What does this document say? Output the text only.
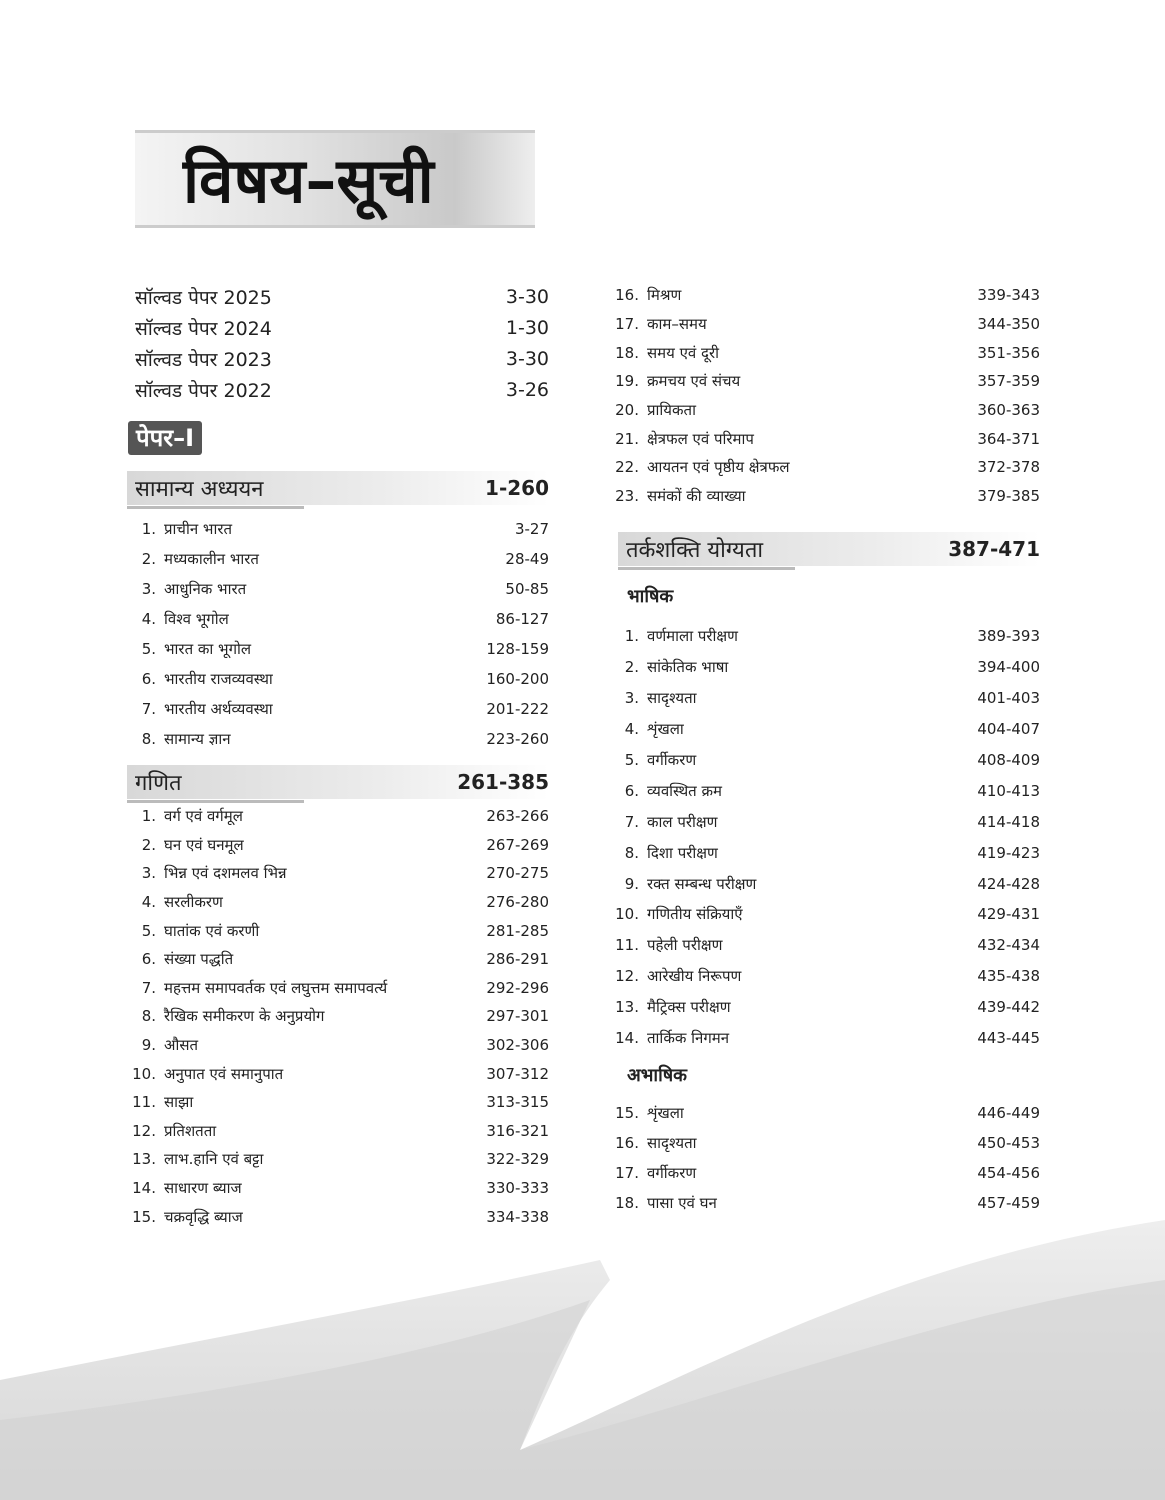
विषय–सूची
सॉल्वड पेपर 2025	3-30
सॉल्वड पेपर 2024	1-30
सॉल्वड पेपर 2023	3-30
सॉल्वड पेपर 2022	3-26
पेपर–I
सामान्य अध्ययन	1-260
1. प्राचीन भारत	3-27
2. मध्यकालीन भारत	28-49
3. आधुनिक भारत	50-85
4. विश्व भूगोल	86-127
5. भारत का भूगोल	128-159
6. भारतीय राजव्यवस्था	160-200
7. भारतीय अर्थव्यवस्था	201-222
8. सामान्य ज्ञान	223-260
गणित	261-385
1. वर्ग एवं वर्गमूल	263-266
2. घन एवं घनमूल	267-269
3. भिन्न एवं दशमलव भिन्न	270-275
4. सरलीकरण	276-280
5. घातांक एवं करणी	281-285
6. संख्या पद्धति	286-291
7. महत्तम समापवर्तक एवं लघुत्तम समापवर्त्य	292-296
8. रैखिक समीकरण के अनुप्रयोग	297-301
9. औसत	302-306
10. अनुपात एवं समानुपात	307-312
11. साझा	313-315
12. प्रतिशतता	316-321
13. लाभ.हानि एवं बट्टा	322-329
14. साधारण ब्याज	330-333
15. चक्रवृद्धि ब्याज	334-338
16. मिश्रण	339-343
17. काम–समय	344-350
18. समय एवं दूरी	351-356
19. क्रमचय एवं संचय	357-359
20. प्रायिकता	360-363
21. क्षेत्रफल एवं परिमाप	364-371
22. आयतन एवं पृष्ठीय क्षेत्रफल	372-378
23. समंकों की व्याख्या	379-385
तर्कशक्ति योग्यता	387-471
भाषिक
1. वर्णमाला परीक्षण	389-393
2. सांकेतिक भाषा	394-400
3. सादृश्यता	401-403
4. शृंखला	404-407
5. वर्गीकरण	408-409
6. व्यवस्थित क्रम	410-413
7. काल परीक्षण	414-418
8. दिशा परीक्षण	419-423
9. रक्त सम्बन्ध परीक्षण	424-428
10. गणितीय संक्रियाएँ	429-431
11. पहेली परीक्षण	432-434
12. आरेखीय निरूपण	435-438
13. मैट्रिक्स परीक्षण	439-442
14. तार्किक निगमन	443-445
अभाषिक
15. शृंखला	446-449
16. सादृश्यता	450-453
17. वर्गीकरण	454-456
18. पासा एवं घन	457-459
